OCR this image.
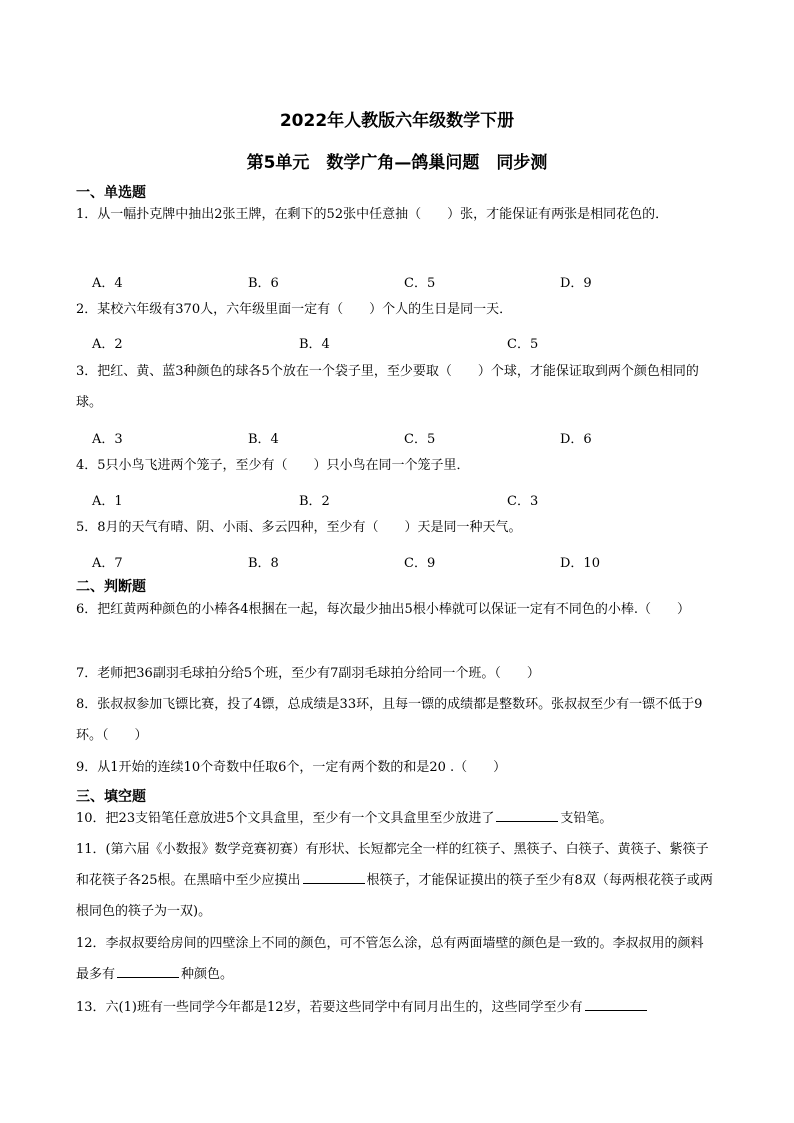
2022年人教版六年级数学下册
第5单元　数学广角—鸽巢问题　同步测
一、单选题
1．从一幅扑克牌中抽出2张王牌，在剩下的52张中任意抽（　　）张，才能保证有两张是相同花色的．
A．4	B．6	C．5	D．9
2．某校六年级有370人，六年级里面一定有（　　）个人的生日是同一天．
A．2	B．4	C．5
3．把红、黄、蓝3种颜色的球各5个放在一个袋子里，至少要取（　　）个球，才能保证取到两个颜色相同的球。
A．3	B．4	C．5	D．6
4．5只小鸟飞进两个笼子，至少有（　　）只小鸟在同一个笼子里．
A．1	B．2	C．3
5．8月的天气有晴、阴、小雨、多云四种，至少有（　　）天是同一种天气。
A．7	B．8	C．9	D．10
二、判断题
6．把红黄两种颜色的小棒各4根捆在一起，每次最少抽出5根小棒就可以保证一定有不同色的小棒.（　　）
7．老师把36副羽毛球拍分给5个班，至少有7副羽毛球拍分给同一个班。（　　）
8．张叔叔参加飞镖比赛，投了4镖，总成绩是33环，且每一镖的成绩都是整数环。张叔叔至少有一镖不低于9环。（　　）
9．从1开始的连续10个奇数中任取6个，一定有两个数的和是20 .（　　）
三、填空题
10．把23支铅笔任意放进5个文具盒里，至少有一个文具盒里至少放进了	支铅笔。
11．(第六届《小数报》数学竞赛初赛）有形状、长短都完全一样的红筷子、黑筷子、白筷子、黄筷子、紫筷子和花筷子各25根。在黑暗中至少应摸出	根筷子，才能保证摸出的筷子至少有8双（每两根花筷子或两根同色的筷子为一双)。
12．李叔叔要给房间的四壁涂上不同的颜色，可不管怎么涂，总有两面墙壁的颜色是一致的。李叔叔用的颜料最多有	种颜色。
13．六(1)班有一些同学今年都是12岁，若要这些同学中有同月出生的，这些同学至少有
